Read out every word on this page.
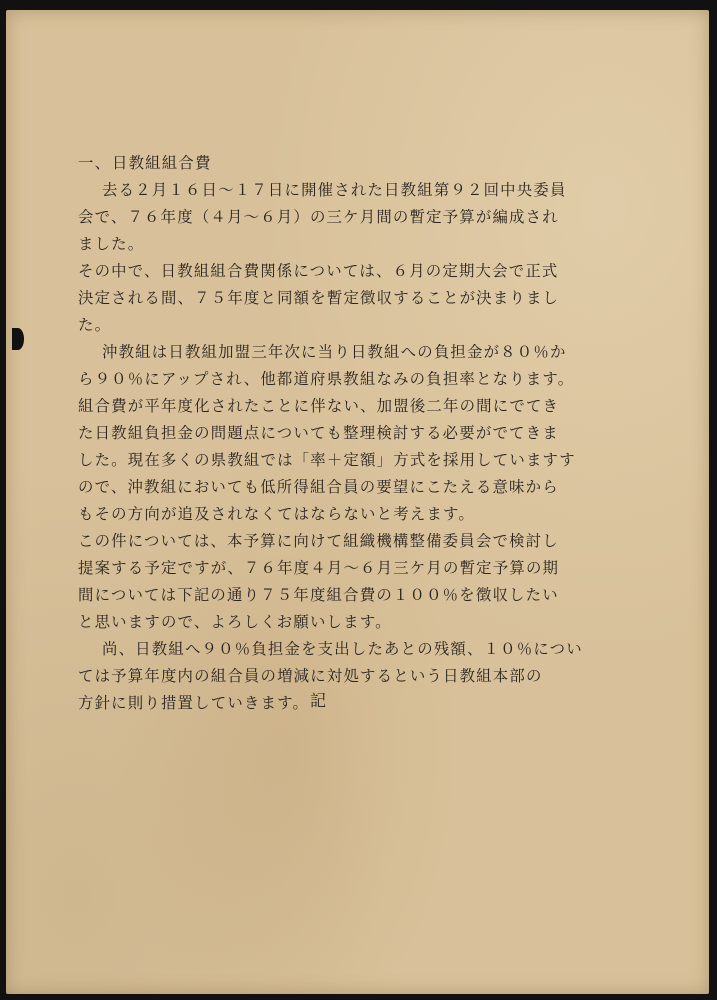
一、日教組組合費
去る２月１６日〜１７日に開催された日教組第９２回中央委員
会で、７６年度（４月〜６月）の三ケ月間の暫定予算が編成され
ました。
その中で、日教組組合費関係については、６月の定期大会で正式
決定される間、７５年度と同額を暫定徴収することが決まりまし
た。
沖教組は日教組加盟三年次に当り日教組への負担金が８０％か
ら９０％にアップされ、他都道府県教組なみの負担率となります。
組合費が平年度化されたことに伴ない、加盟後二年の間にでてき
た日教組負担金の問題点についても整理検討する必要がでてきま
した。現在多くの県教組では「率＋定額」方式を採用していますす
ので、沖教組においても低所得組合員の要望にこたえる意味から
もその方向が追及されなくてはならないと考えます。
この件については、本予算に向けて組織機構整備委員会で検討し
提案する予定ですが、７６年度４月〜６月三ケ月の暫定予算の期
間については下記の通り７５年度組合費の１００％を徴収したい
と思いますので、よろしくお願いします。
尚、日教組へ９０％負担金を支出したあとの残額、１０％につい
ては予算年度内の組合員の増減に対処するという日教組本部の
方針に則り措置していきます。 記
